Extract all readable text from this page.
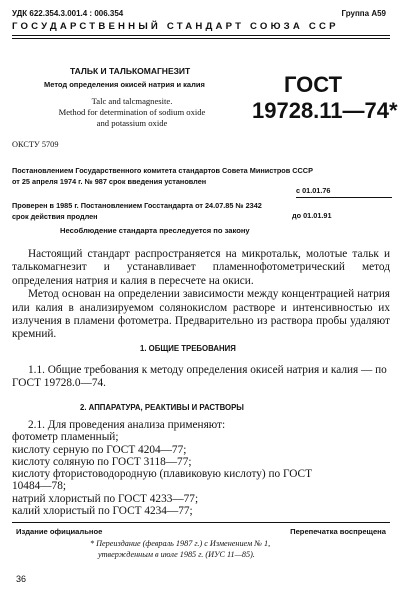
УДК 622.354.3.001.4 : 006.354	Группа А59
ГОСУДАРСТВЕННЫЙ СТАНДАРТ СОЮЗА ССР
ТАЛЬК И ТАЛЬКОМАГНЕЗИТ
Метод определения окисей натрия и калия
Talc and talcmagnesite.
Method for determination of sodium oxide
and potassium oxide
ГОСТ
19728.11—74*
ОКСТУ 5709
Постановлением Государственного комитета стандартов Совета Министров СССР
от 25 апреля 1974 г. № 987 срок введения установлен
с 01.01.76
Проверен в 1985 г. Постановлением Госстандарта от 24.07.85 № 2342
срок действия продлен	до 01.01.91
Несоблюдение стандарта преследуется по закону

Настоящий стандарт распространяется на микротальк, молотые тальк и талькомагнезит и устанавливает пламеннофотометрический метод определения натрия и калия в пересчете на окиси.

Метод основан на определении зависимости между концентрацией натрия или калия в анализируемом солянокислом растворе и интенсивностью их излучения в пламени фотометра. Предварительно из раствора пробы удаляют кремний.

1. ОБЩИЕ ТРЕБОВАНИЯ

1.1. Общие требования к методу определения окисей натрия и калия — по ГОСТ 19728.0—74.

2. АППАРАТУРА, РЕАКТИВЫ И РАСТВОРЫ
2.1. Для проведения анализа применяют:
фотометр пламенный;
кислоту серную по ГОСТ 4204—77;
кислоту соляную по ГОСТ 3118—77;
кислоту фтористоводородную (плавиковую кислоту) по ГОСТ
10484—78;
натрий хлористый по ГОСТ 4233—77;
калий хлористый по ГОСТ 4234—77;
Издание официальное	Перепечатка воспрещена
* Переиздание (февраль 1987 г.) с Изменением № 1,
утвержденным в июле 1985 г. (ИУС 11—85).
36
